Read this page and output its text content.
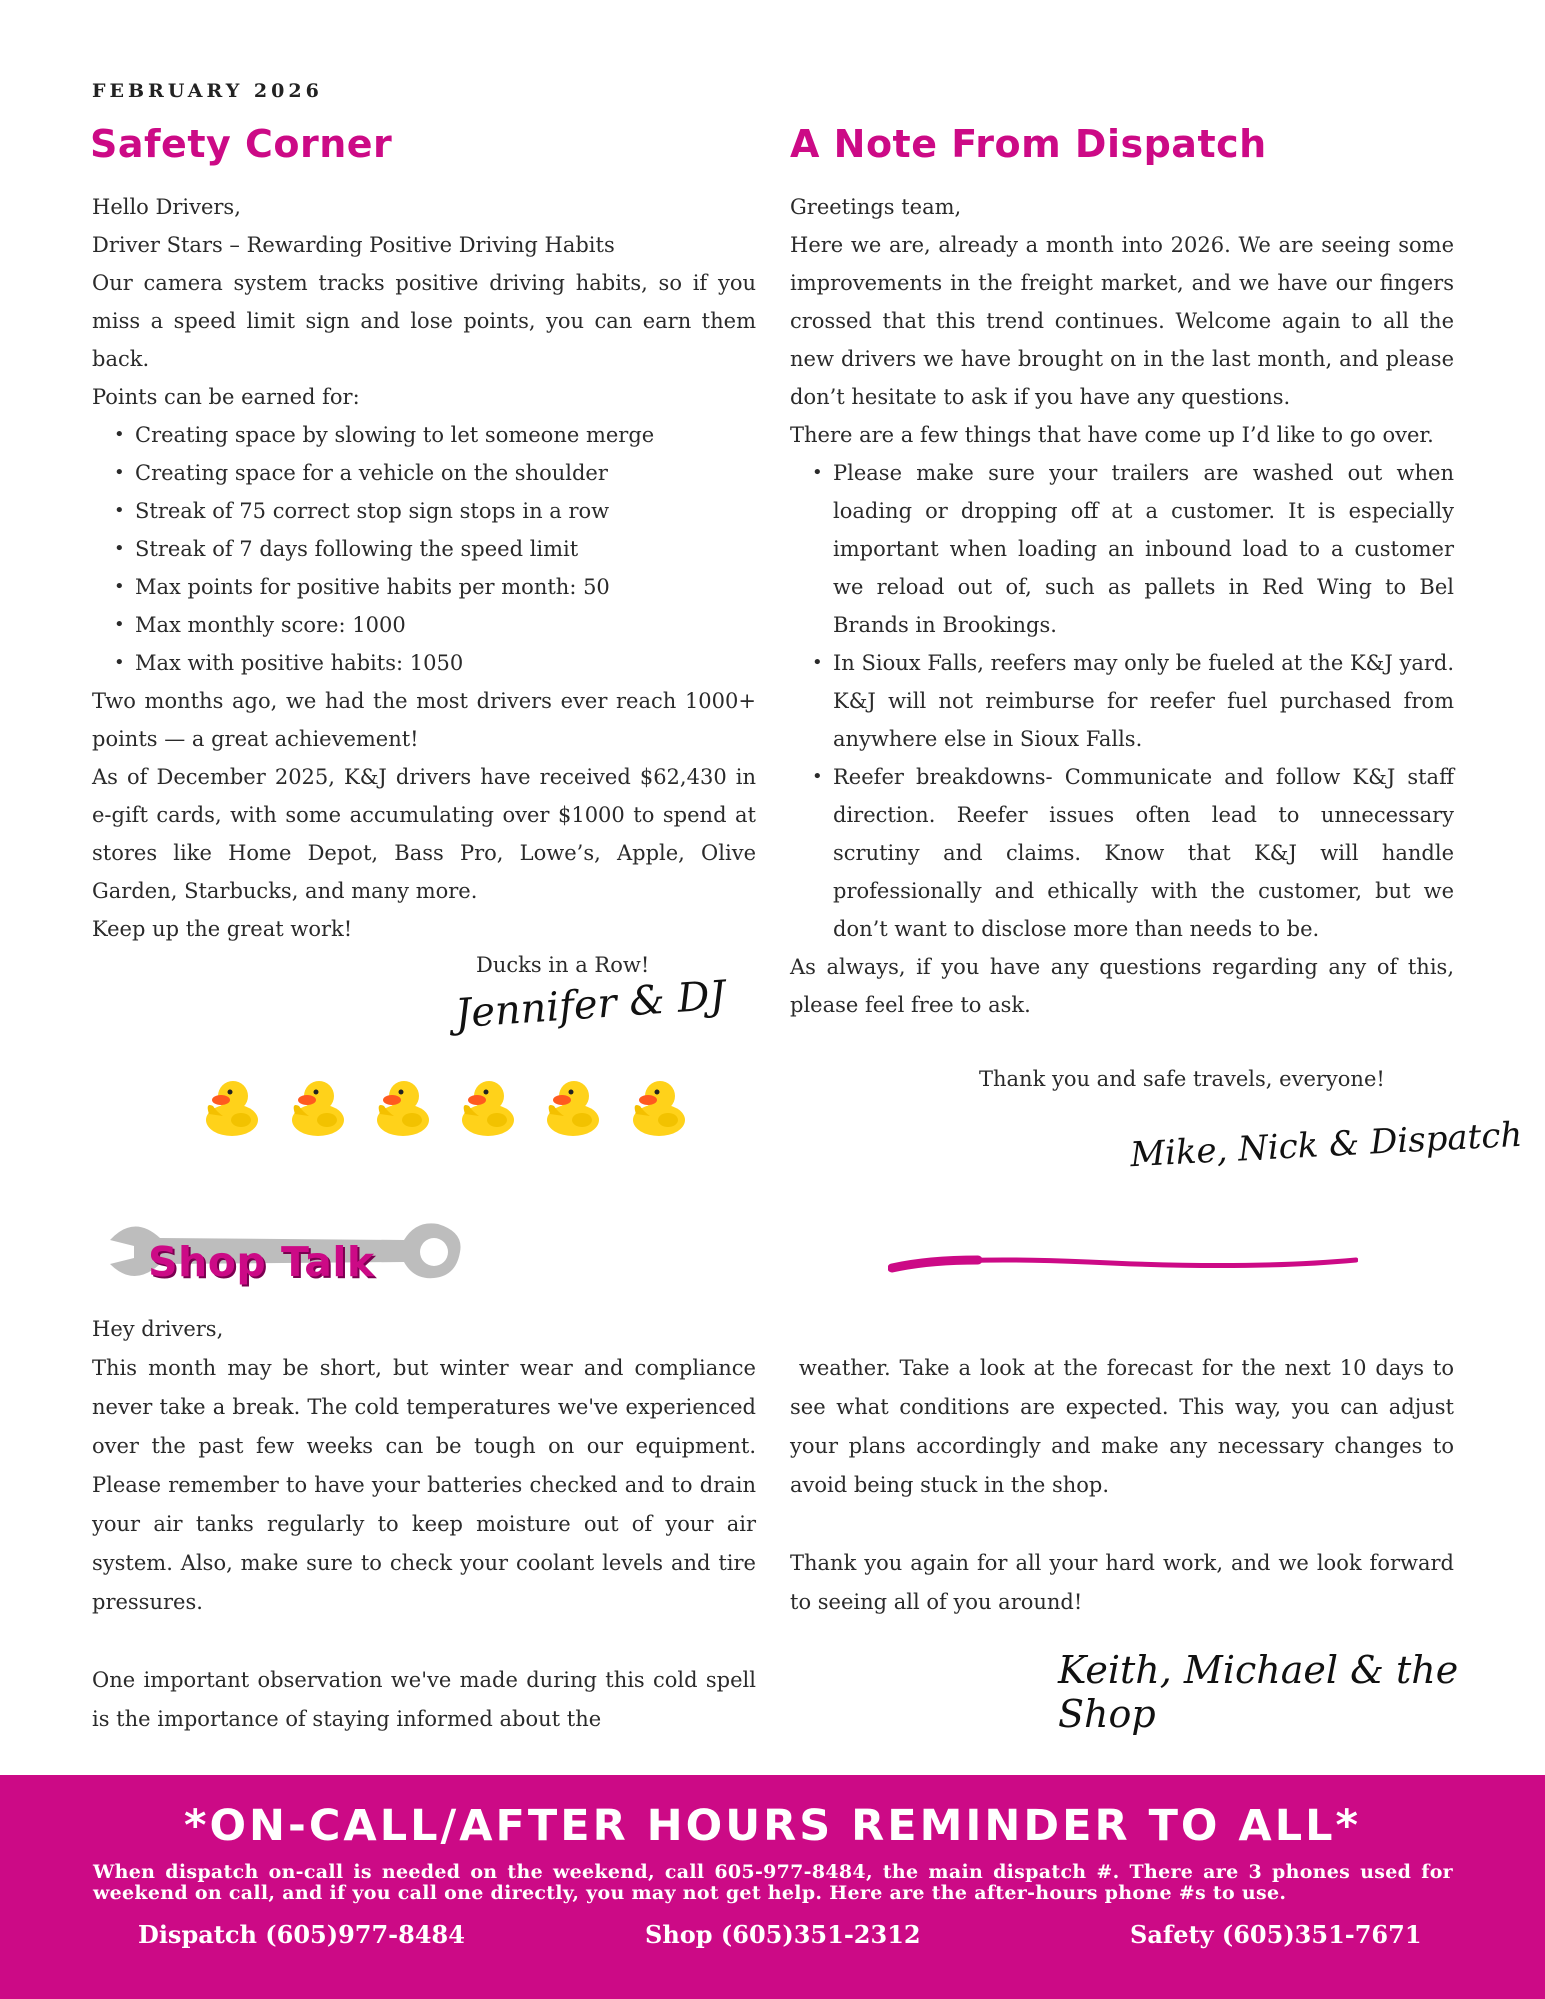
FEBRUARY 2026
Safety Corner

Hello Drivers,

Driver Stars – Rewarding Positive Driving Habits

Our camera system tracks positive driving habits, so if you miss a speed limit sign and lose points, you can earn them back.

Points can be earned for:

• Creating space by slowing to let someone merge
• Creating space for a vehicle on the shoulder
• Streak of 75 correct stop sign stops in a row
• Streak of 7 days following the speed limit
• Max points for positive habits per month: 50
• Max monthly score: 1000
• Max with positive habits: 1050

Two months ago, we had the most drivers ever reach 1000+ points — a great achievement!

As of December 2025, K&J drivers have received $62,430 in e-gift cards, with some accumulating over $1000 to spend at stores like Home Depot, Bass Pro, Lowe’s, Apple, Olive Garden, Starbucks, and many more.

Keep up the great work!

Ducks in a Row!
Jennifer & DJ
A Note From Dispatch

Greetings team,

Here we are, already a month into 2026. We are seeing some improvements in the freight market, and we have our fingers crossed that this trend continues. Welcome again to all the new drivers we have brought on in the last month, and please don’t hesitate to ask if you have any questions.

There are a few things that have come up I’d like to go over.

• Please make sure your trailers are washed out when loading or dropping off at a customer. It is especially important when loading an inbound load to a customer we reload out of, such as pallets in Red Wing to Bel Brands in Brookings.
• In Sioux Falls, reefers may only be fueled at the K&J yard. K&J will not reimburse for reefer fuel purchased from anywhere else in Sioux Falls.
• Reefer breakdowns- Communicate and follow K&J staff direction. Reefer issues often lead to unnecessary scrutiny and claims. Know that K&J will handle professionally and ethically with the customer, but we don’t want to disclose more than needs to be.

As always, if you have any questions regarding any of this, please feel free to ask.

Thank you and safe travels, everyone!
Mike, Nick & Dispatch
Shop Talk

Hey drivers,

This month may be short, but winter wear and compliance never take a break. The cold temperatures we've experienced over the past few weeks can be tough on our equipment. Please remember to have your batteries checked and to drain your air tanks regularly to keep moisture out of your air system. Also, make sure to check your coolant levels and tire pressures.

One important observation we've made during this cold spell is the importance of staying informed about the

weather. Take a look at the forecast for the next 10 days to see what conditions are expected. This way, you can adjust your plans accordingly and make any necessary changes to avoid being stuck in the shop.

Thank you again for all your hard work, and we look forward to seeing all of you around!

Keith, Michael & the Shop
*ON-CALL/AFTER HOURS REMINDER TO ALL*
When dispatch on-call is needed on the weekend, call 605-977-8484, the main dispatch #. There are 3 phones used for weekend on call, and if you call one directly, you may not get help. Here are the after-hours phone #s to use.
Dispatch (605)977-8484	Shop (605)351-2312	Safety (605)351-7671
